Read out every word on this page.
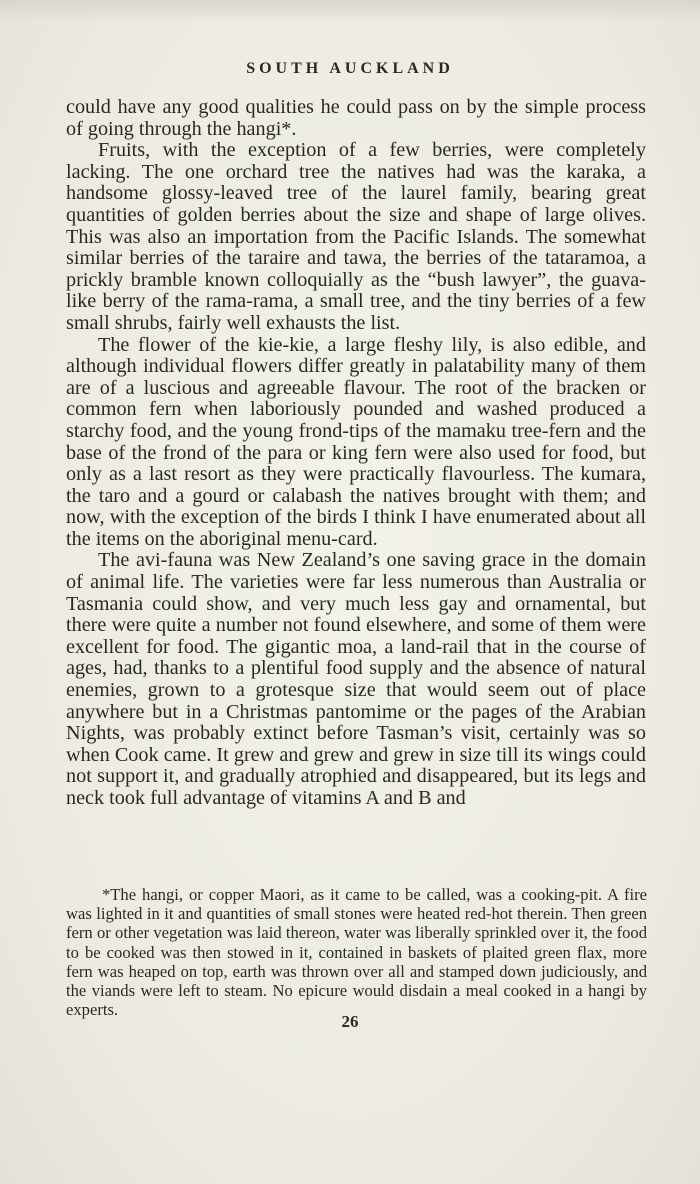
SOUTH AUCKLAND

could have any good qualities he could pass on by the simple process of going through the hangi*.

Fruits, with the exception of a few berries, were completely lacking. The one orchard tree the natives had was the karaka, a handsome glossy-leaved tree of the laurel family, bearing great quantities of golden berries about the size and shape of large olives. This was also an importation from the Pacific Islands. The somewhat similar berries of the taraire and tawa, the berries of the tataramoa, a prickly bramble known colloquially as the “bush lawyer”, the guava-like berry of the rama-rama, a small tree, and the tiny berries of a few small shrubs, fairly well exhausts the list.

The flower of the kie-kie, a large fleshy lily, is also edible, and although individual flowers differ greatly in palatability many of them are of a luscious and agreeable flavour. The root of the bracken or common fern when laboriously pounded and washed produced a starchy food, and the young frond-tips of the mamaku tree-fern and the base of the frond of the para or king fern were also used for food, but only as a last resort as they were practically flavourless. The kumara, the taro and a gourd or calabash the natives brought with them; and now, with the exception of the birds I think I have enumerated about all the items on the aboriginal menu-card.

The avi-fauna was New Zealand’s one saving grace in the domain of animal life. The varieties were far less numerous than Australia or Tasmania could show, and very much less gay and ornamental, but there were quite a number not found elsewhere, and some of them were excellent for food. The gigantic moa, a land-rail that in the course of ages, had, thanks to a plentiful food supply and the absence of natural enemies, grown to a grotesque size that would seem out of place anywhere but in a Christmas pantomime or the pages of the Arabian Nights, was probably extinct before Tasman’s visit, certainly was so when Cook came. It grew and grew and grew in size till its wings could not support it, and gradually atrophied and disappeared, but its legs and neck took full advantage of vitamins A and B and

*The hangi, or copper Maori, as it came to be called, was a cooking-pit. A fire was lighted in it and quantities of small stones were heated red-hot therein. Then green fern or other vegetation was laid thereon, water was liberally sprinkled over it, the food to be cooked was then stowed in it, contained in baskets of plaited green flax, more fern was heaped on top, earth was thrown over all and stamped down judiciously, and the viands were left to steam. No epicure would disdain a meal cooked in a hangi by experts.

26
